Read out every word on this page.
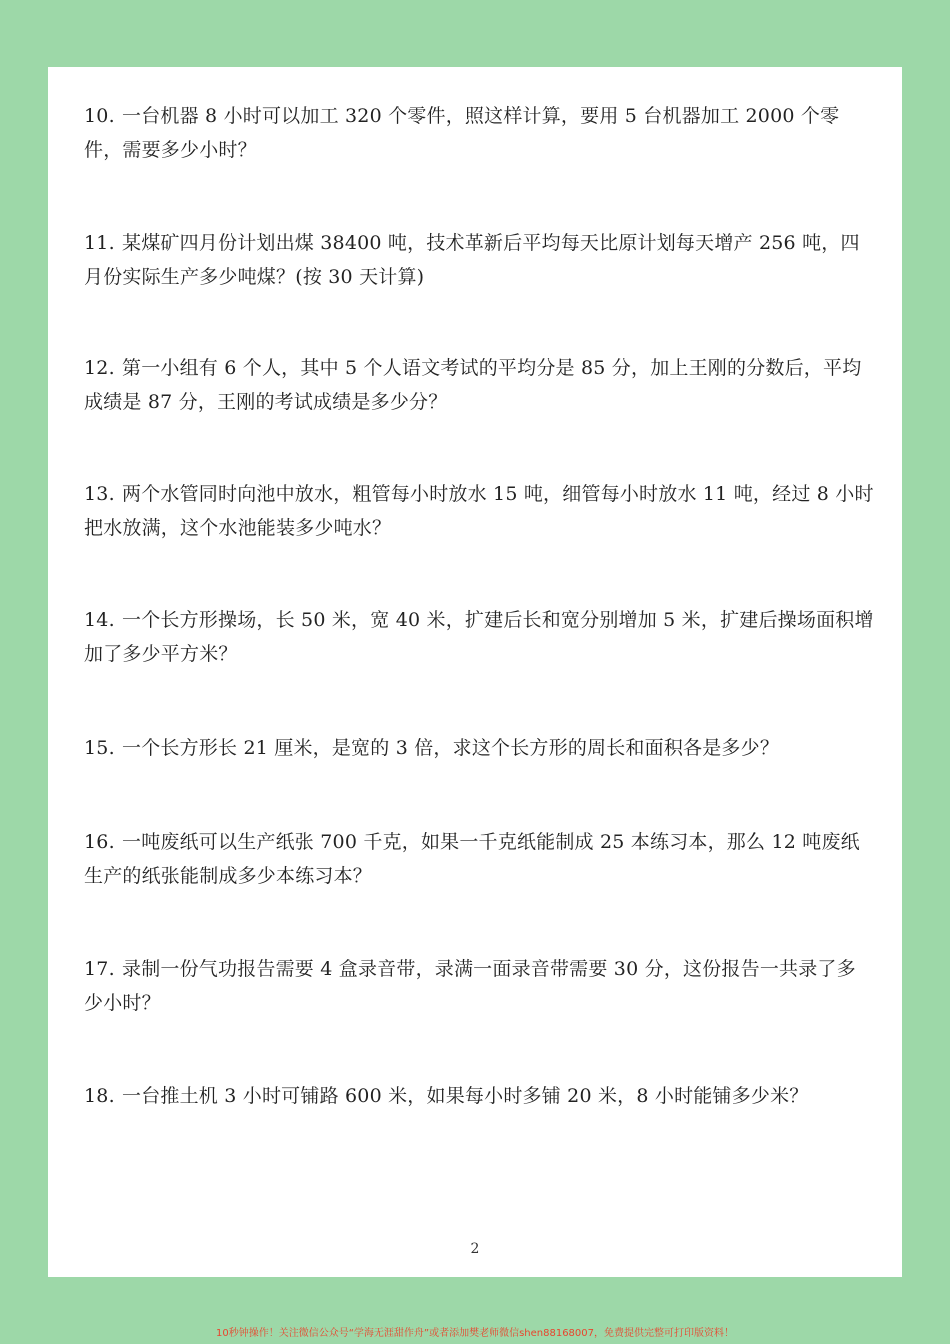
10. 一台机器 8 小时可以加工 320 个零件，照这样计算，要用 5 台机器加工 2000 个零件，需要多少小时？
11. 某煤矿四月份计划出煤 38400 吨，技术革新后平均每天比原计划每天增产 256 吨，四月份实际生产多少吨煤？(按 30 天计算)
12. 第一小组有 6 个人，其中 5 个人语文考试的平均分是 85 分，加上王刚的分数后，平均成绩是 87 分，王刚的考试成绩是多少分？
13. 两个水管同时向池中放水，粗管每小时放水 15 吨，细管每小时放水 11 吨，经过 8 小时把水放满，这个水池能装多少吨水？
14. 一个长方形操场，长 50 米，宽 40 米，扩建后长和宽分别增加 5 米，扩建后操场面积增加了多少平方米？
15. 一个长方形长 21 厘米，是宽的 3 倍，求这个长方形的周长和面积各是多少？
16. 一吨废纸可以生产纸张 700 千克，如果一千克纸能制成 25 本练习本，那么 12 吨废纸生产的纸张能制成多少本练习本？
17. 录制一份气功报告需要 4 盒录音带，录满一面录音带需要 30 分，这份报告一共录了多少小时？
18. 一台推土机 3 小时可铺路 600 米，如果每小时多铺 20 米，8 小时能铺多少米？
2
10秒钟操作！关注微信公众号“学海无涯甜作舟”或者添加樊老师微信shen88168007，免费提供完整可打印版资料！
